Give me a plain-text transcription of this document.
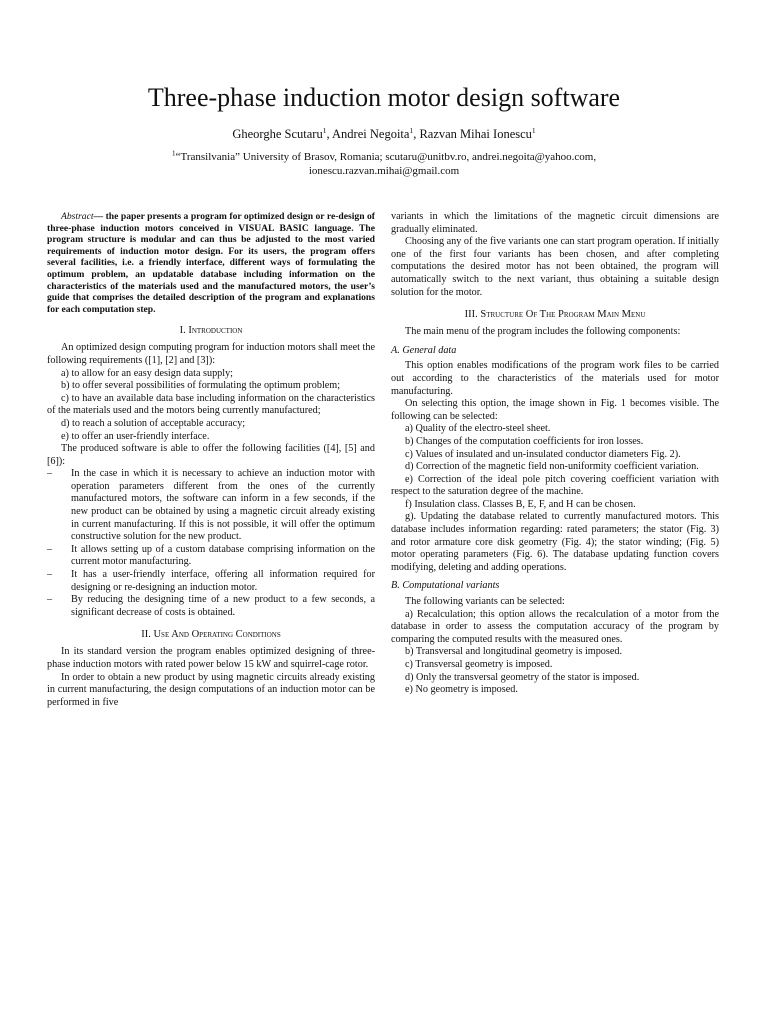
Three-phase induction motor design software
Gheorghe Scutaru$^1$, Andrei Negoita$^1$, Razvan Mihai Ionescu$^1$
$^1$“Transilvania” University of Brasov, Romania; scutaru@unitbv.ro, andrei.negoita@yahoo.com,
ionescu.razvan.mihai@gmail.com

Abstract— the paper presents a program for optimized design or re-design of three-phase induction motors conceived in VISUAL BASIC language. The program structure is modular and can thus be adjusted to the most varied requirements of induction motor design. For its users, the program offers several facilities, i.e. a friendly interface, different ways of formulating the optimum problem, an updatable database including information on the characteristics of the materials used and the manufactured motors, the user’s guide that comprises the detailed description of the program and explanations for each computation step.

I. Introduction

An optimized design computing program for induction motors shall meet the following requirements ([1], [2] and [3]):

a) to allow for an easy design data supply;

b) to offer several possibilities of formulating the optimum problem;

c) to have an available data base including information on the characteristics of the materials used and the motors being currently manufactured;

d) to reach a solution of acceptable accuracy;

e) to offer an user-friendly interface.

The produced software is able to offer the following facilities ([4], [5] and [6]):

–	In the case in which it is necessary to achieve an induction motor with operation parameters different from the ones of the currently manufactured motors, the software can inform in a few seconds, if the new product can be obtained by using a magnetic circuit already existing in current manufacturing. If this is not possible, it will offer the optimum constructive solution for the new product.
–	It allows setting up of a custom database comprising information on the current motor manufacturing.
–	It has a user-friendly interface, offering all information required for designing or re-designing an induction motor.
–	By reducing the designing time of a new product to a few seconds, a significant decrease of costs is obtained.
II. Use And Operating Conditions

In its standard version the program enables optimized designing of three-phase induction motors with rated power below 15 kW and squirrel-cage rotor.

In order to obtain a new product by using magnetic circuits already existing in current manufacturing, the design computations of an induction motor can be performed in five

variants in which the limitations of the magnetic circuit dimensions are gradually eliminated.

Choosing any of the five variants one can start program operation. If initially one of the first four variants has been chosen, and after completing computations the desired motor has not been obtained, the program will automatically switch to the next variant, thus obtaining a suitable design solution for the motor.

III. Structure Of The Program Main Menu

The main menu of the program includes the following components:

A. General data

This option enables modifications of the program work files to be carried out according to the characteristics of the materials used for motor manufacturing.

On selecting this option, the image shown in Fig. 1 becomes visible. The following can be selected:

a) Quality of the electro-steel sheet.

b) Changes of the computation coefficients for iron losses.

c) Values of insulated and un-insulated conductor diameters Fig. 2).

d) Correction of the magnetic field non-uniformity coefficient variation.

e) Correction of the ideal pole pitch covering coefficient variation with respect to the saturation degree of the machine.

f) Insulation class. Classes B, E, F, and H can be chosen.

g). Updating the database related to currently manufactured motors. This database includes information regarding: rated parameters; the stator (Fig. 3) and rotor armature core disk geometry (Fig. 4); the stator winding; (Fig. 5) motor operating parameters (Fig. 6). The database updating function covers modifying, deleting and adding operations.

B. Computational variants

The following variants can be selected:

a) Recalculation; this option allows the recalculation of a motor from the database in order to assess the computation accuracy of the program by comparing the computed results with the measured ones.

b) Transversal and longitudinal geometry is imposed.

c) Transversal geometry is imposed.

d) Only the transversal geometry of the stator is imposed.

e) No geometry is imposed.
